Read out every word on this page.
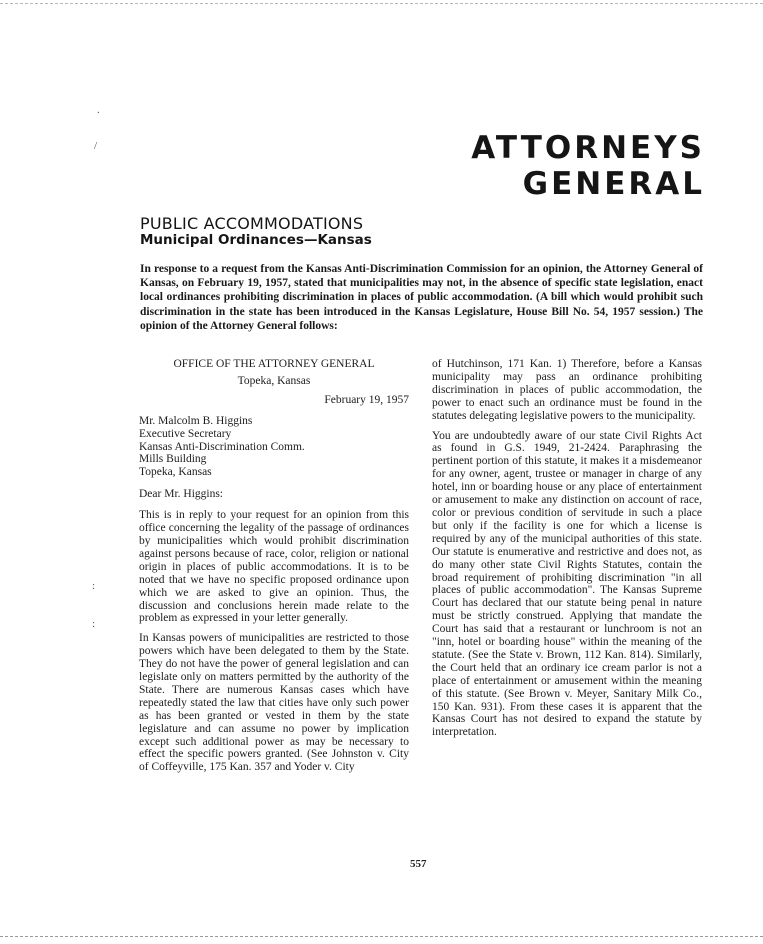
.
/
:
:
ATTORNEYS
GENERAL
PUBLIC ACCOMMODATIONS
Municipal Ordinances—Kansas
In response to a request from the Kansas Anti-Discrimination Commission for an opinion, the Attorney General of Kansas, on February 19, 1957, stated that municipalities may not, in the absence of specific state legislation, enact local ordinances prohibiting discrimination in places of public accommodation. (A bill which would prohibit such discrimination in the state has been introduced in the Kansas Legislature, House Bill No. 54, 1957 session.) The opinion of the Attorney General follows:
OFFICE OF THE ATTORNEY GENERAL
Topeka, Kansas
February 19, 1957
Mr. Malcolm B. Higgins
Executive Secretary
Kansas Anti-Discrimination Comm.
Mills Building
Topeka, Kansas
Dear Mr. Higgins:

This is in reply to your request for an opinion from this office concerning the legality of the passage of ordinances by municipalities which would prohibit discrimination against persons because of race, color, religion or national origin in places of public accommodations. It is to be noted that we have no specific proposed ordinance upon which we are asked to give an opinion. Thus, the discussion and conclusions herein made relate to the problem as expressed in your letter generally.

In Kansas powers of municipalities are restricted to those powers which have been delegated to them by the State. They do not have the power of general legislation and can legislate only on matters permitted by the authority of the State. There are numerous Kansas cases which have repeatedly stated the law that cities have only such power as has been granted or vested in them by the state legislature and can assume no power by implication except such additional power as may be necessary to effect the specific powers granted. (See Johnston v. City of Coffeyville, 175 Kan. 357 and Yoder v. City

of Hutchinson, 171 Kan. 1) Therefore, before a Kansas municipality may pass an ordinance prohibiting discrimination in places of public accommodation, the power to enact such an ordinance must be found in the statutes delegating legislative powers to the municipality.

You are undoubtedly aware of our state Civil Rights Act as found in G.S. 1949, 21-2424. Paraphrasing the pertinent portion of this statute, it makes it a misdemeanor for any owner, agent, trustee or manager in charge of any hotel, inn or boarding house or any place of entertainment or amusement to make any distinction on account of race, color or previous condition of servitude in such a place but only if the facility is one for which a license is required by any of the municipal authorities of this state. Our statute is enumerative and restrictive and does not, as do many other state Civil Rights Statutes, contain the broad requirement of prohibiting discrimination "in all places of public accommodation". The Kansas Supreme Court has declared that our statute being penal in nature must be strictly construed. Applying that mandate the Court has said that a restaurant or lunchroom is not an "inn, hotel or boarding house" within the meaning of the statute. (See the State v. Brown, 112 Kan. 814). Similarly, the Court held that an ordinary ice cream parlor is not a place of entertainment or amusement within the meaning of this statute. (See Brown v. Meyer, Sanitary Milk Co., 150 Kan. 931). From these cases it is apparent that the Kansas Court has not desired to expand the statute by interpretation.

557
